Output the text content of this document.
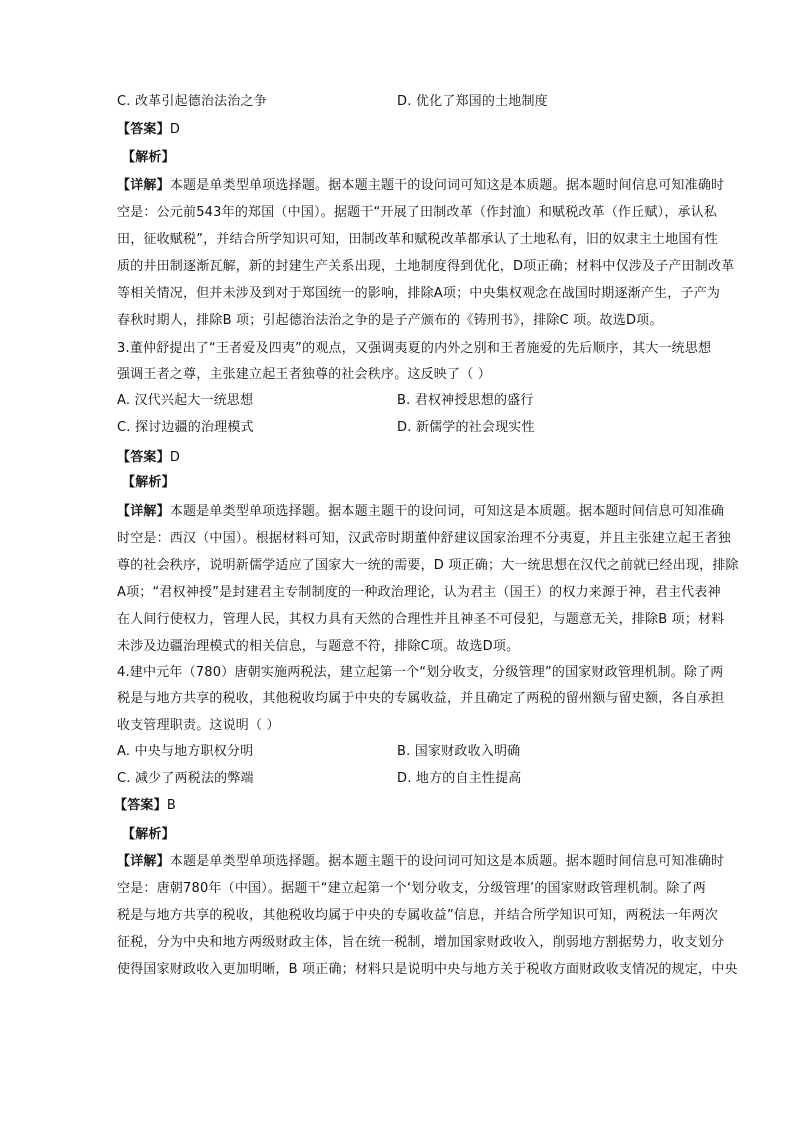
C. 改革引起德治法治之争	D. 优化了郑国的土地制度
【答案】D
【解析】
【详解】本题是单类型单项选择题。据本题主题干的设问词可知这是本质题。据本题时间信息可知准确时
空是：公元前543年的郑国（中国）。据题干“开展了田制改革（作封洫）和赋税改革（作丘赋），承认私
田，征收赋税”，并结合所学知识可知，田制改革和赋税改革都承认了土地私有，旧的奴隶主土地国有性
质的井田制逐渐瓦解，新的封建生产关系出现，土地制度得到优化，D项正确；材料中仅涉及子产田制改革
等相关情况，但并未涉及到对于郑国统一的影响，排除A项；中央集权观念在战国时期逐渐产生，子产为
春秋时期人，排除B 项；引起德治法治之争的是子产颁布的《铸刑书》，排除C 项。故选D项。
3.董仲舒提出了“王者爱及四夷”的观点，又强调夷夏的内外之别和王者施爱的先后顺序，其大一统思想
强调王者之尊，主张建立起王者独尊的社会秩序。这反映了（ ）
A. 汉代兴起大一统思想	B. 君权神授思想的盛行
C. 探讨边疆的治理模式	D. 新儒学的社会现实性
【答案】D
【解析】
【详解】本题是单类型单项选择题。据本题主题干的设问词，可知这是本质题。据本题时间信息可知准确
时空是：西汉（中国）。根据材料可知，汉武帝时期董仲舒建议国家治理不分夷夏，并且主张建立起王者独
尊的社会秩序，说明新儒学适应了国家大一统的需要，D 项正确；大一统思想在汉代之前就已经出现，排除
A项；“君权神授”是封建君主专制制度的一种政治理论，认为君主（国王）的权力来源于神，君主代表神
在人间行使权力，管理人民，其权力具有天然的合理性并且神圣不可侵犯，与题意无关，排除B 项；材料
未涉及边疆治理模式的相关信息，与题意不符，排除C项。故选D项。
4.建中元年（780）唐朝实施两税法，建立起第一个“划分收支，分级管理”的国家财政管理机制。除了两
税是与地方共享的税收，其他税收均属于中央的专属收益，并且确定了两税的留州额与留史额，各自承担
收支管理职责。这说明（ ）
A. 中央与地方职权分明	B. 国家财政收入明确
C. 减少了两税法的弊端	D. 地方的自主性提高
【答案】B
【解析】
【详解】本题是单类型单项选择题。据本题主题干的设问词可知这是本质题。据本题时间信息可知准确时
空是：唐朝780年（中国）。据题干“建立起第一个‘划分收支，分级管理’的国家财政管理机制。除了两
税是与地方共享的税收，其他税收均属于中央的专属收益”信息，并结合所学知识可知，两税法一年两次
征税，分为中央和地方两级财政主体，旨在统一税制，增加国家财政收入，削弱地方割据势力，收支划分
使得国家财政收入更加明晰，B 项正确；材料只是说明中央与地方关于税收方面财政收支情况的规定，中央
